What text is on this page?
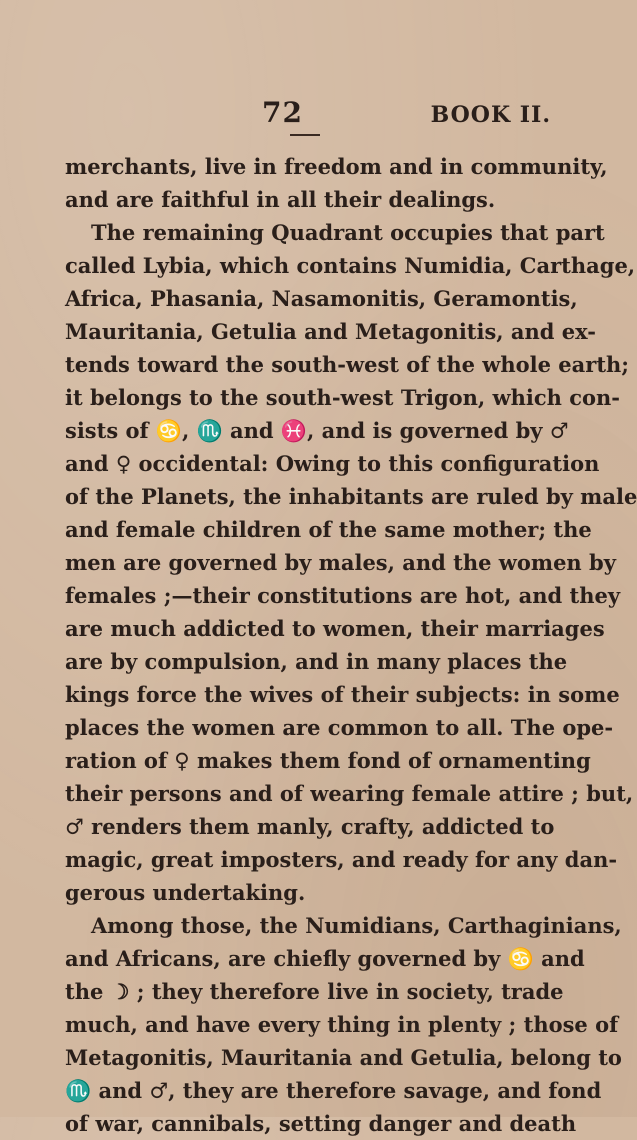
72	BOOK II.
merchants, live in freedom and in community,
and are faithful in all their dealings.
The remaining Quadrant occupies that part
called Lybia, which contains Numidia, Carthage,
Africa, Phasania, Nasamonitis, Geramontis,
Mauritania, Getulia and Metagonitis, and ex-
tends toward the south-west of the whole earth;
it belongs to the south-west Trigon, which con-
sists of ♋, ♏ and ♓, and is governed by ♂
and ♀ occidental: Owing to this configuration
of the Planets, the inhabitants are ruled by male
and female children of the same mother; the
men are governed by males, and the women by
females ;—their constitutions are hot, and they
are much addicted to women, their marriages
are by compulsion, and in many places the
kings force the wives of their subjects: in some
places the women are common to all. The ope-
ration of ♀ makes them fond of ornamenting
their persons and of wearing female attire ; but,
♂ renders them manly, crafty, addicted to
magic, great imposters, and ready for any dan-
gerous undertaking.
Among those, the Numidians, Carthaginians,
and Africans, are chiefly governed by ♋ and
the ☽ ; they therefore live in society, trade
much, and have every thing in plenty ; those of
Metagonitis, Mauritania and Getulia, belong to
♏ and ♂, they are therefore savage, and fond
of war, cannibals, setting danger and death
